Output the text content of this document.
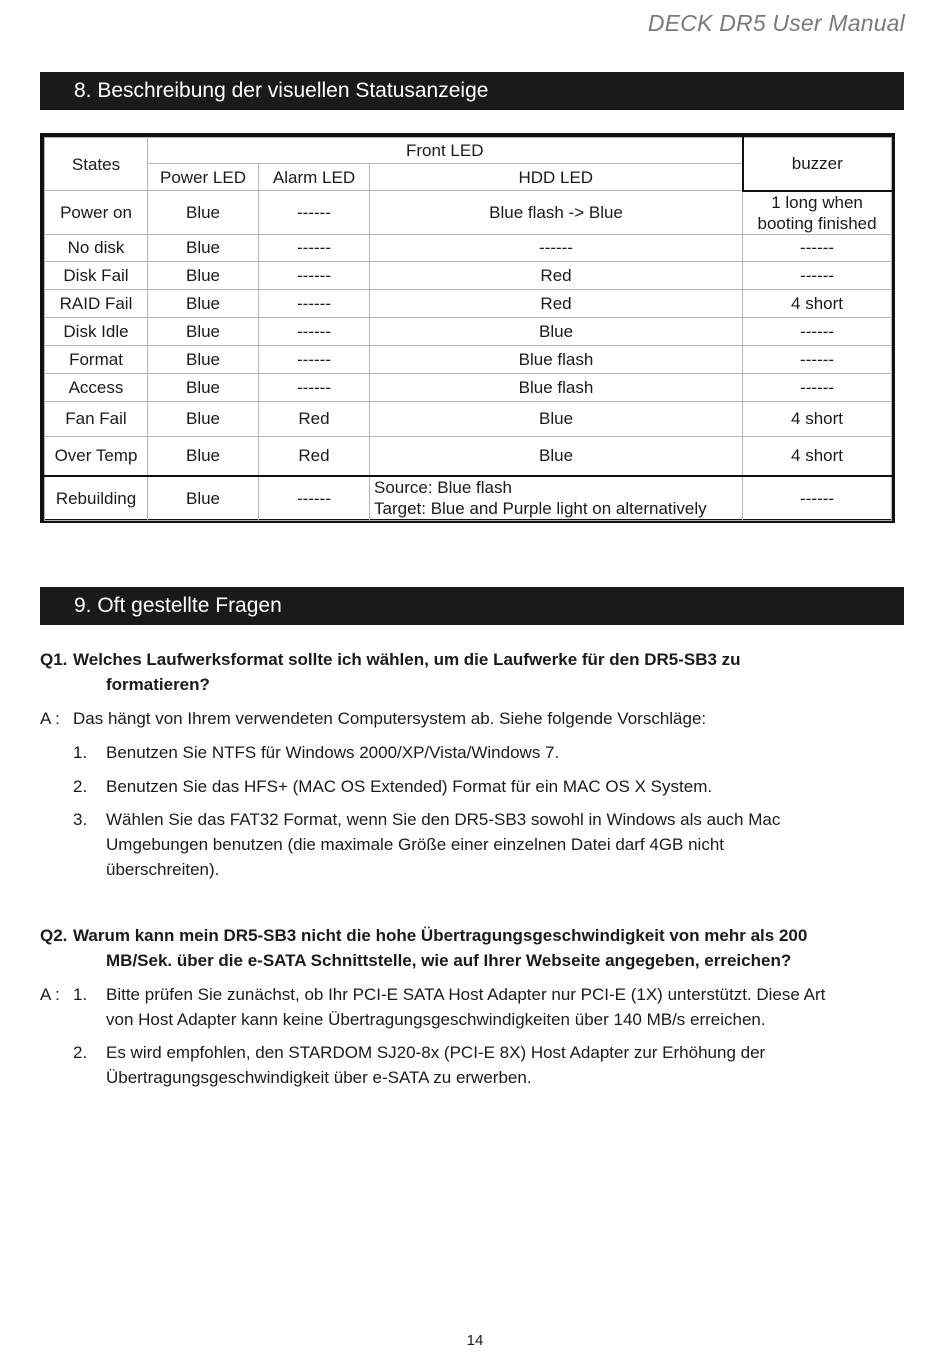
DECK DR5 User Manual
8. Beschreibung der visuellen Statusanzeige
States	Front LED			buzzer
	Power LED	Alarm LED	HDD LED	
Power on	Blue	------	Blue flash -> Blue	1 long when
booting finished
No disk	Blue	------	------	------
Disk Fail	Blue	------	Red	------
RAID Fail	Blue	------	Red	4 short
Disk Idle	Blue	------	Blue	------
Format	Blue	------	Blue flash	------
Access	Blue	------	Blue flash	------
Fan Fail	Blue	Red	Blue	4 short
Over Temp	Blue	Red	Blue	4 short
Rebuilding	Blue	------	Source: Blue flash
Target: Blue and Purple light on alternatively	------
9. Oft gestellte Fragen
Q1. Welches Laufwerksformat sollte ich wählen, um die Laufwerke für den DR5-SB3 zu
formatieren?
A : Das hängt von Ihrem verwendeten Computersystem ab. Siehe folgende Vorschläge:
1.	Benutzen Sie NTFS für Windows 2000/XP/Vista/Windows 7.
2.	Benutzen Sie das HFS+ (MAC OS Extended) Format für ein MAC OS X System.
3.	Wählen Sie das FAT32 Format, wenn Sie den DR5-SB3 sowohl in Windows als auch Mac
Umgebungen benutzen (die maximale Größe einer einzelnen Datei darf 4GB nicht
überschreiten).
Q2. Warum kann mein DR5-SB3 nicht die hohe Übertragungsgeschwindigkeit von mehr als 200
MB/Sek. über die e-SATA Schnittstelle, wie auf Ihrer Webseite angegeben, erreichen?
A : 1.	Bitte prüfen Sie zunächst, ob Ihr PCI-E SATA Host Adapter nur PCI-E (1X) unterstützt. Diese Art
von Host Adapter kann keine Übertragungsgeschwindigkeiten über 140 MB/s erreichen.
2.	Es wird empfohlen, den STARDOM SJ20-8x (PCI-E 8X) Host Adapter zur Erhöhung der
Übertragungsgeschwindigkeit über e-SATA zu erwerben.
14
